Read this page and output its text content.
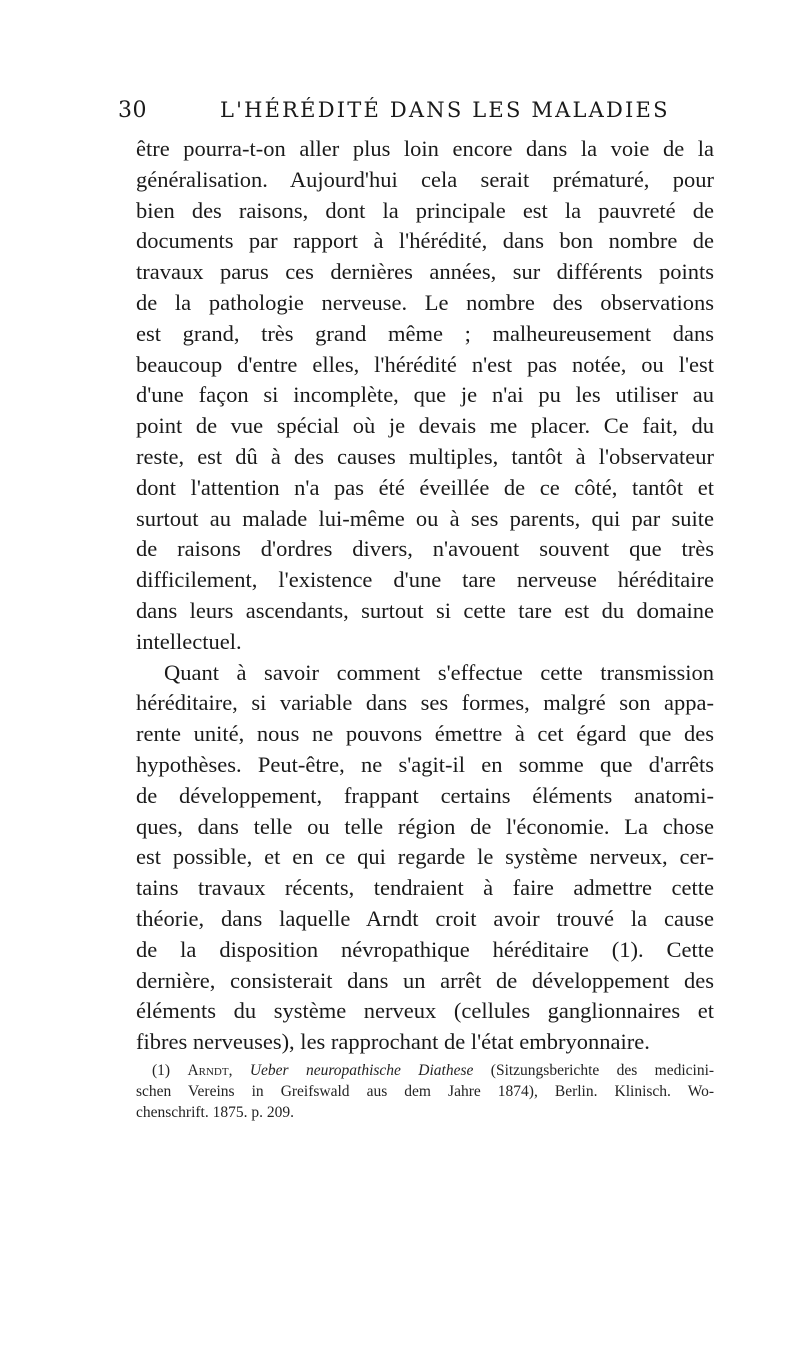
30	L'HÉRÉDITÉ DANS LES MALADIES
être pourra-t-on aller plus loin encore dans la voie de la
généralisation. Aujourd'hui cela serait prématuré, pour
bien des raisons, dont la principale est la pauvreté de
documents par rapport à l'hérédité, dans bon nombre de
travaux parus ces dernières années, sur différents points
de la pathologie nerveuse. Le nombre des observations
est grand, très grand même ; malheureusement dans
beaucoup d'entre elles, l'hérédité n'est pas notée, ou l'est
d'une façon si incomplète, que je n'ai pu les utiliser au
point de vue spécial où je devais me placer. Ce fait, du
reste, est dû à des causes multiples, tantôt à l'observateur
dont l'attention n'a pas été éveillée de ce côté, tantôt et
surtout au malade lui-même ou à ses parents, qui par suite
de raisons d'ordres divers, n'avouent souvent que très
difficilement, l'existence d'une tare nerveuse héréditaire
dans leurs ascendants, surtout si cette tare est du domaine
intellectuel.
Quant à savoir comment s'effectue cette transmission
héréditaire, si variable dans ses formes, malgré son appa-
rente unité, nous ne pouvons émettre à cet égard que des
hypothèses. Peut-être, ne s'agit-il en somme que d'arrêts
de développement, frappant certains éléments anatomi-
ques, dans telle ou telle région de l'économie. La chose
est possible, et en ce qui regarde le système nerveux, cer-
tains travaux récents, tendraient à faire admettre cette
théorie, dans laquelle Arndt croit avoir trouvé la cause
de la disposition névropathique héréditaire (1). Cette
dernière, consisterait dans un arrêt de développement des
éléments du système nerveux (cellules ganglionnaires et
fibres nerveuses), les rapprochant de l'état embryonnaire.
(1) Arndt, Ueber neuropathische Diathese (Sitzungsberichte des medicini-
schen Vereins in Greifswald aus dem Jahre 1874), Berlin. Klinisch. Wo-
chenschrift. 1875. p. 209.
